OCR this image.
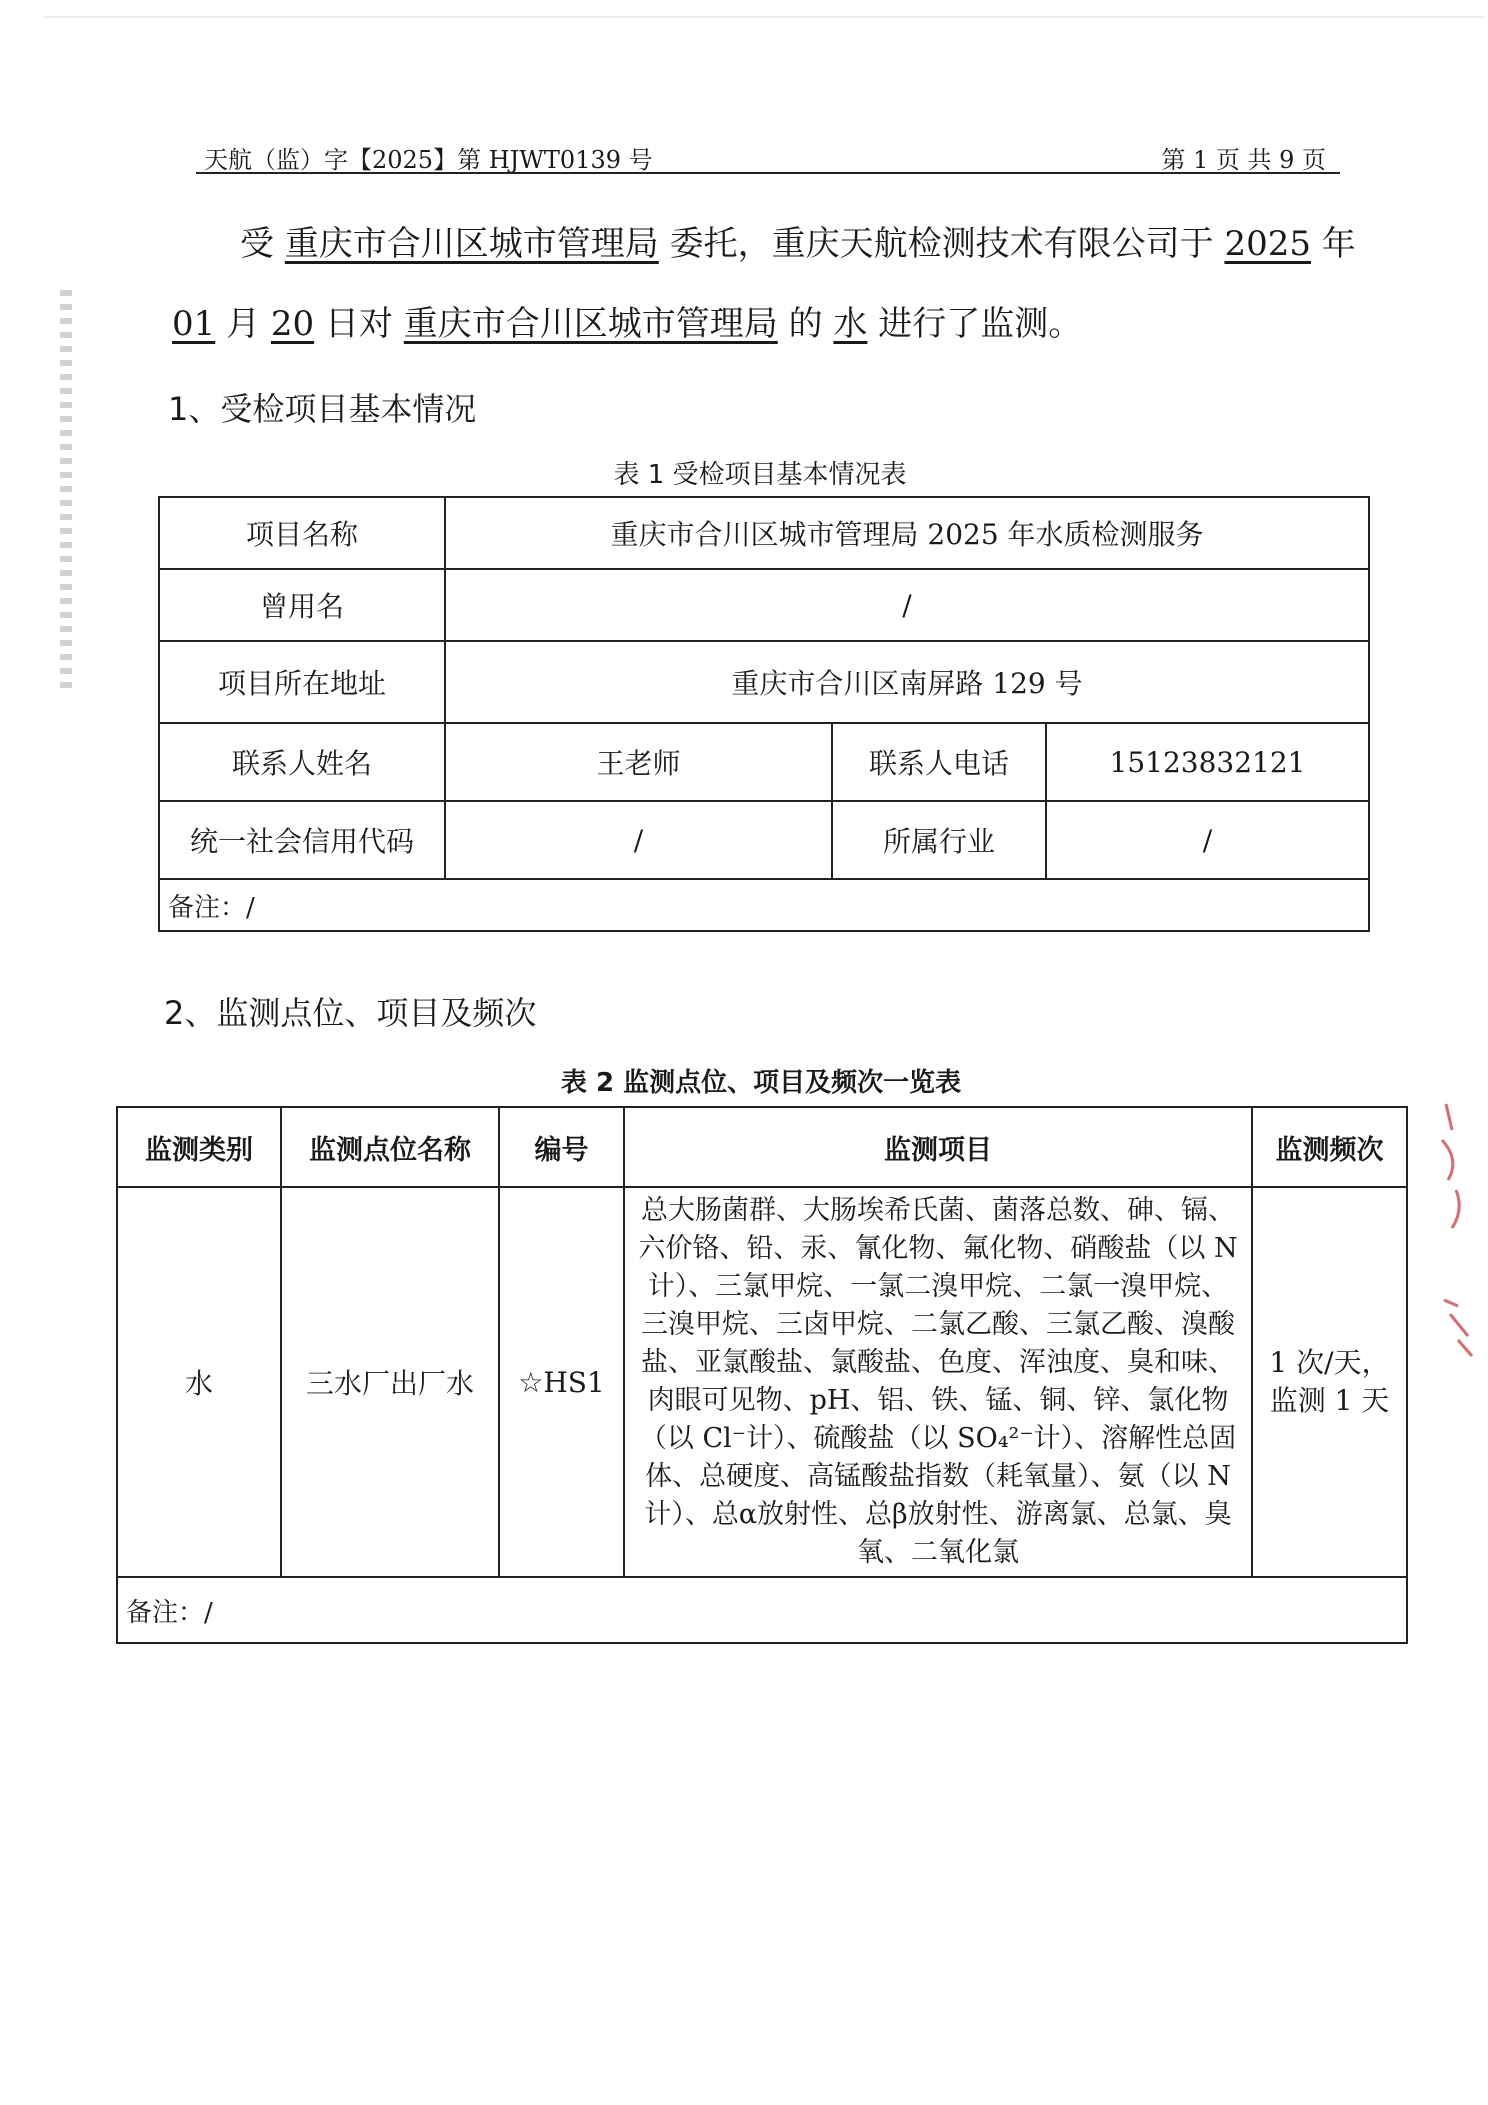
天航（监）字【2025】第 HJWT0139 号	第 1 页 共 9 页
受 重庆市合川区城市管理局 委托，重庆天航检测技术有限公司于 2025 年
01 月 20 日对 重庆市合川区城市管理局 的 水 进行了监测。
1、受检项目基本情况
表 1 受检项目基本情况表
项目名称	重庆市合川区城市管理局 2025 年水质检测服务		
曾用名	/		
项目所在地址	重庆市合川区南屏路 129 号		
联系人姓名	王老师	联系人电话	15123832121
统一社会信用代码	/	所属行业	/
备注：/			
2、监测点位、项目及频次
表 2 监测点位、项目及频次一览表
监测类别	监测点位名称	编号	监测项目	监测频次
水	三水厂出厂水	☆HS1	总大肠菌群、大肠埃希氏菌、菌落总数、砷、镉、六价铬、铅、汞、氰化物、氟化物、硝酸盐（以 N 计）、三氯甲烷、一氯二溴甲烷、二氯一溴甲烷、三溴甲烷、三卤甲烷、二氯乙酸、三氯乙酸、溴酸盐、亚氯酸盐、氯酸盐、色度、浑浊度、臭和味、肉眼可见物、pH、铝、铁、锰、铜、锌、氯化物（以 Cl⁻计）、硫酸盐（以 SO₄²⁻计）、溶解性总固体、总硬度、高锰酸盐指数（耗氧量）、氨（以 N 计）、总α放射性、总β放射性、游离氯、总氯、臭氧、二氧化氯	1 次/天，
监测 1 天

备注：/				
